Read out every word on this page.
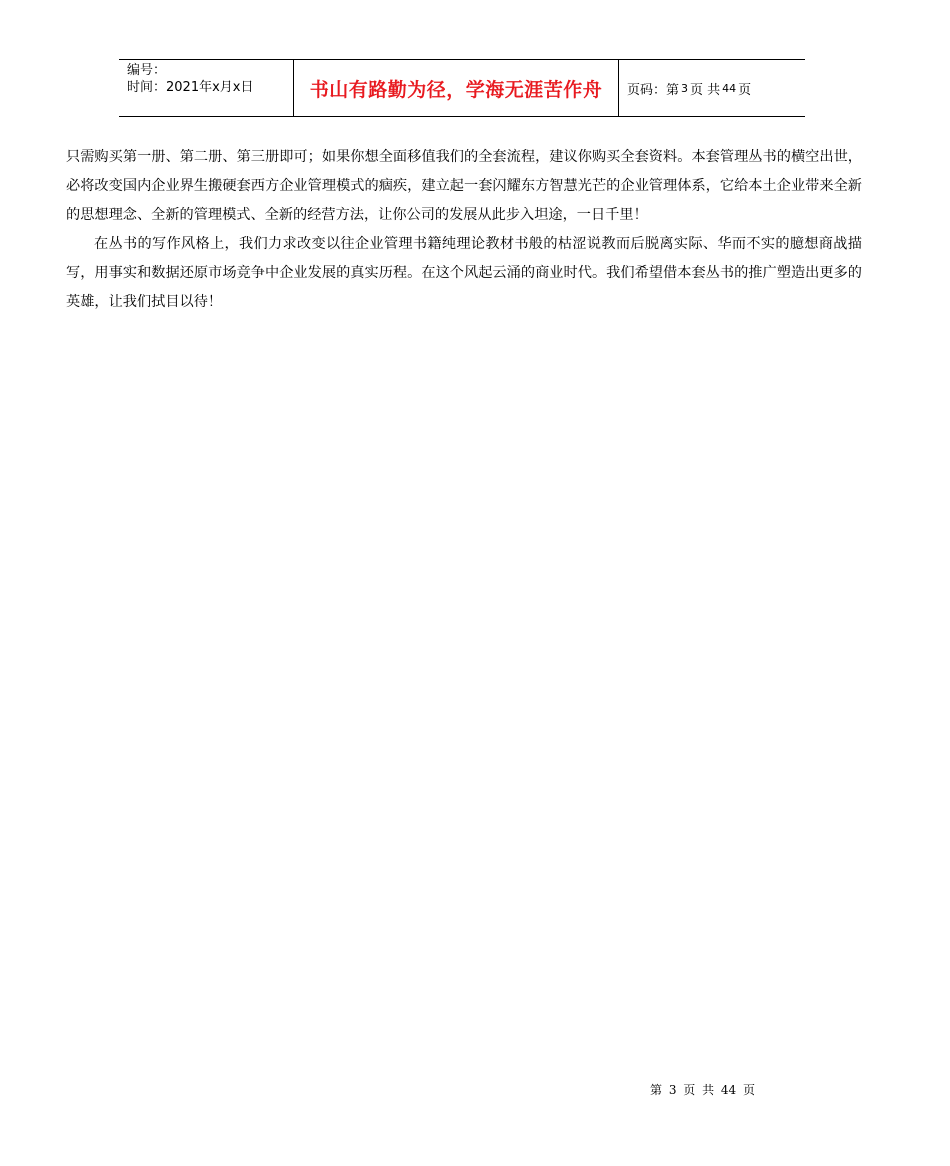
编号：
时间：2021年x月x日	书山有路勤为径，学海无涯苦作舟	页码：第 3 页 共 44 页

只需购买第一册、第二册、第三册即可；如果你想全面移值我们的全套流程，建议你购买全套资料。本套管理丛书的横空出世，必将改变国内企业界生搬硬套西方企业管理模式的痼疾，建立起一套闪耀东方智慧光芒的企业管理体系，它给本土企业带来全新的思想理念、全新的管理模式、全新的经营方法，让你公司的发展从此步入坦途，一日千里！

在丛书的写作风格上，我们力求改变以往企业管理书籍纯理论教材书般的枯涩说教而后脱离实际、华而不实的臆想商战描写，用事实和数据还原市场竞争中企业发展的真实历程。在这个风起云涌的商业时代。我们希望借本套丛书的推广塑造出更多的英雄，让我们拭目以待！

第 3 页 共 44 页
